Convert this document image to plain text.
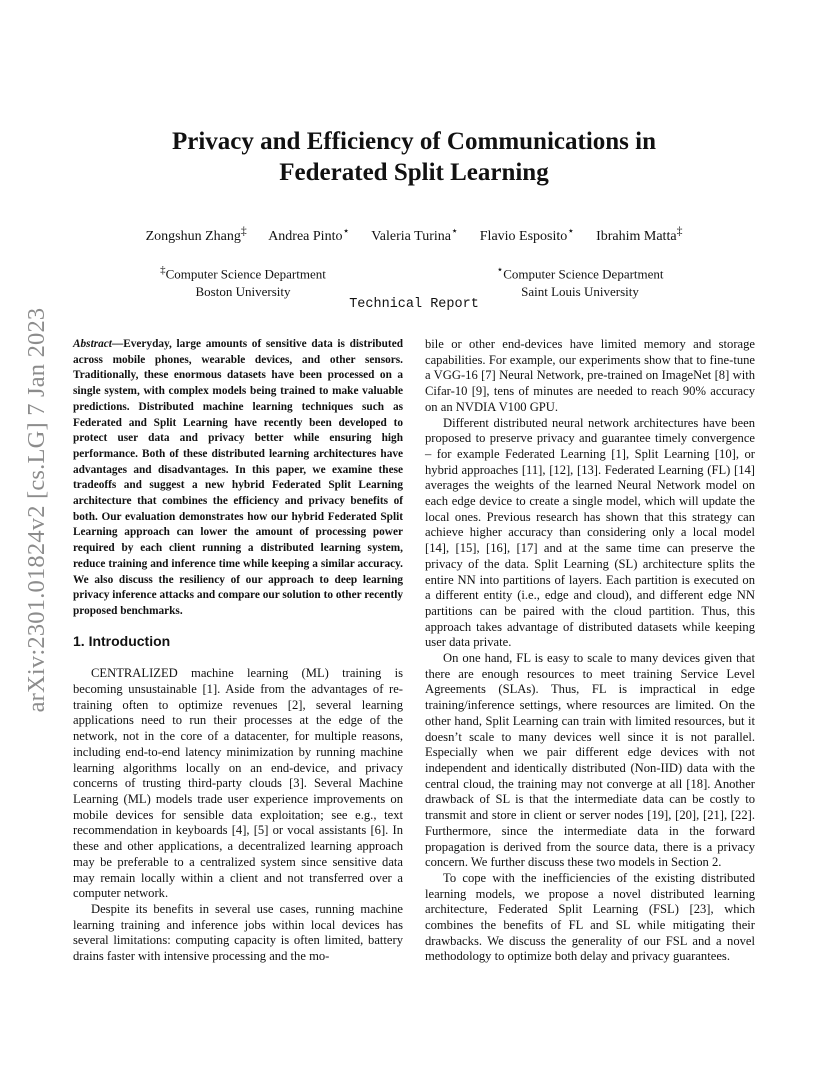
arXiv:2301.01824v2 [cs.LG] 7 Jan 2023
Privacy and Efficiency of Communications in
Federated Split Learning
Zongshun Zhang‡ Andrea Pinto⋆ Valeria Turina⋆ Flavio Esposito⋆ Ibrahim Matta‡
‡Computer Science Department
Boston University
⋆Computer Science Department
Saint Louis University
Technical Report

Abstract—Everyday, large amounts of sensitive data is distributed across mobile phones, wearable devices, and other sensors. Traditionally, these enormous datasets have been processed on a single system, with complex models being trained to make valuable predictions. Distributed machine learning techniques such as Federated and Split Learning have recently been developed to protect user data and privacy better while ensuring high performance. Both of these distributed learning architectures have advantages and disadvantages. In this paper, we examine these tradeoffs and suggest a new hybrid Federated Split Learning architecture that combines the efficiency and privacy benefits of both. Our evaluation demonstrates how our hybrid Federated Split Learning approach can lower the amount of processing power required by each client running a distributed learning system, reduce training and inference time while keeping a similar accuracy. We also discuss the resiliency of our approach to deep learning privacy inference attacks and compare our solution to other recently proposed benchmarks.

1. Introduction

CENTRALIZED machine learning (ML) training is becoming unsustainable [1]. Aside from the advantages of re-training often to optimize revenues [2], several learning applications need to run their processes at the edge of the network, not in the core of a datacenter, for multiple reasons, including end-to-end latency minimization by running machine learning algorithms locally on an end-device, and privacy concerns of trusting third-party clouds [3]. Several Machine Learning (ML) models trade user experience improvements on mobile devices for sensible data exploitation; see e.g., text recommendation in keyboards [4], [5] or vocal assistants [6]. In these and other applications, a decentralized learning approach may be preferable to a centralized system since sensitive data may remain locally within a client and not transferred over a computer network.

Despite its benefits in several use cases, running machine learning training and inference jobs within local devices has several limitations: computing capacity is often limited, battery drains faster with intensive processing and the mo-

bile or other end-devices have limited memory and storage capabilities. For example, our experiments show that to fine-tune a VGG-16 [7] Neural Network, pre-trained on ImageNet [8] with Cifar-10 [9], tens of minutes are needed to reach 90% accuracy on an NVDIA V100 GPU.

Different distributed neural network architectures have been proposed to preserve privacy and guarantee timely convergence – for example Federated Learning [1], Split Learning [10], or hybrid approaches [11], [12], [13]. Federated Learning (FL) [14] averages the weights of the learned Neural Network model on each edge device to create a single model, which will update the local ones. Previous research has shown that this strategy can achieve higher accuracy than considering only a local model [14], [15], [16], [17] and at the same time can preserve the privacy of the data. Split Learning (SL) architecture splits the entire NN into partitions of layers. Each partition is executed on a different entity (i.e., edge and cloud), and different edge NN partitions can be paired with the cloud partition. Thus, this approach takes advantage of distributed datasets while keeping user data private.

On one hand, FL is easy to scale to many devices given that there are enough resources to meet training Service Level Agreements (SLAs). Thus, FL is impractical in edge training/inference settings, where resources are limited. On the other hand, Split Learning can train with limited resources, but it doesn’t scale to many devices well since it is not parallel. Especially when we pair different edge devices with not independent and identically distributed (Non-IID) data with the central cloud, the training may not converge at all [18]. Another drawback of SL is that the intermediate data can be costly to transmit and store in client or server nodes [19], [20], [21], [22]. Furthermore, since the intermediate data in the forward propagation is derived from the source data, there is a privacy concern. We further discuss these two models in Section 2.

To cope with the inefficiencies of the existing distributed learning models, we propose a novel distributed learning architecture, Federated Split Learning (FSL) [23], which combines the benefits of FL and SL while mitigating their drawbacks. We discuss the generality of our FSL and a novel methodology to optimize both delay and privacy guarantees.
